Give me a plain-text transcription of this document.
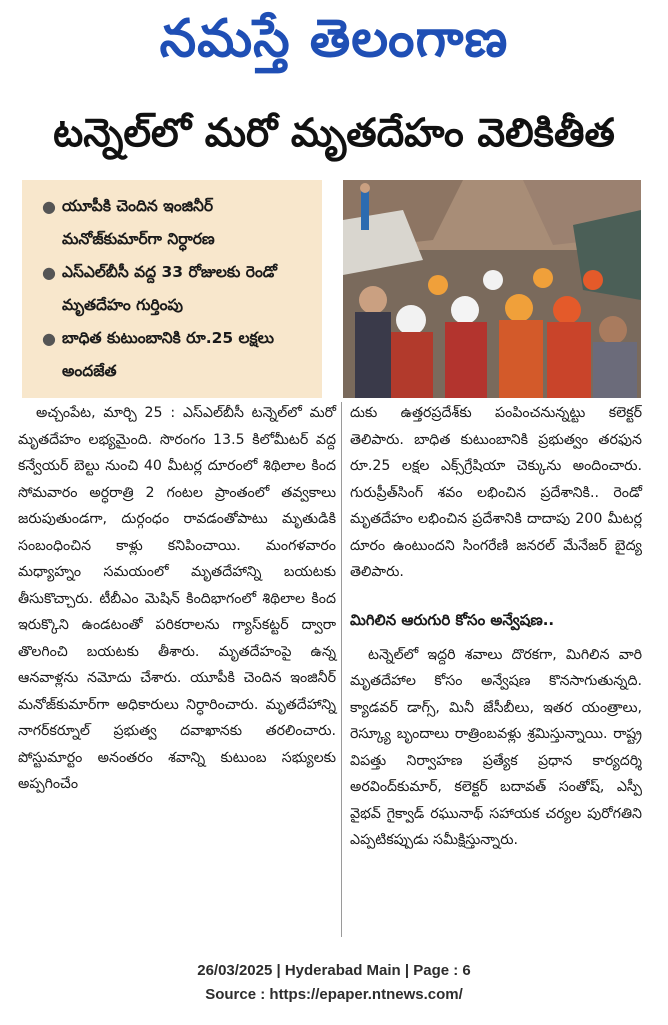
నమస్తే తెలంగాణ
టన్నెల్‌లో మరో మృతదేహం వెలికితీత
● యూపీకి చెందిన ఇంజినీర్ మనోజ్‌కుమార్‌గా నిర్ధారణ
● ఎస్‌ఎల్‌బీసీ వద్ద 33 రోజులకు రెండో మృతదేహం గుర్తింపు
● బాధిత కుటుంబానికి రూ.25 లక్షలు అందజేత

అచ్చంపేట, మార్చి 25 : ఎస్‌ఎల్‌బీసీ టన్నెల్‌లో మరో మృతదేహం లభ్యమైంది. సొరంగం 13.5 కిలోమీటర్ వద్ద కన్వేయర్ బెల్టు నుంచి 40 మీటర్ల దూరంలో శిథిలాల కింద సోమవారం అర్ధరాత్రి 2 గంటల ప్రాంతంలో తవ్వకాలు జరుపుతుండగా, దుర్గంధం రావడంతోపాటు మృతుడికి సంబంధించిన కాళ్లు కనిపించాయి. మంగళవారం మధ్యాహ్నం సమయంలో మృతదేహాన్ని బయటకు తీసుకొచ్చారు. టీబీఎం మెషిన్ కిందిభాగంలో శిథిలాల కింద ఇరుక్కొని ఉండటంతో పరికరాలను గ్యాస్‌కట్టర్ ద్వారా తొలగించి బయటకు తీశారు. మృతదేహంపై ఉన్న ఆనవాళ్లను నమోదు చేశారు. యూపీకి చెందిన ఇంజినీర్ మనోజ్‌కుమార్‌గా అధికారులు నిర్ధారించారు. మృతదేహాన్ని నాగర్‌కర్నూల్ ప్రభుత్వ దవాఖానకు తరలించారు. పోస్టుమార్టం అనంతరం శవాన్ని కుటుంబ సభ్యులకు అప్పగించేం

దుకు ఉత్తరప్రదేశ్‌కు పంపించనున్నట్టు కలెక్టర్ తెలిపారు. బాధిత కుటుంబానికి ప్రభుత్వం తరఫున రూ.25 లక్షల ఎక్స్‌గ్రేషియా చెక్కును అందించారు. గురుప్రీత్‌సింగ్ శవం లభించిన ప్రదేశానికి.. రెండో మృతదేహం లభించిన ప్రదేశానికి దాదాపు 200 మీటర్ల దూరం ఉంటుందని సింగరేణి జనరల్ మేనేజర్ బైద్య తెలిపారు.

మిగిలిన ఆరుగురి కోసం అన్వేషణ..

టన్నెల్‌లో ఇద్దరి శవాలు దొరకగా, మిగిలిన వారి మృతదేహాల కోసం అన్వేషణ కొనసాగుతున్నది. క్యాడవర్ డాగ్స్, మినీ జేసీబీలు, ఇతర యంత్రాలు, రెస్క్యూ బృందాలు రాత్రింబవళ్లు శ్రమిస్తున్నాయి. రాష్ట్ర విపత్తు నిర్వాహణ ప్రత్యేక ప్రధాన కార్యదర్శి అరవింద్‌కుమార్, కలెక్టర్ బదావత్ సంతోష్, ఎస్పీ వైభవ్ గైక్వాడ్ రఘునాథ్ సహాయక చర్యల పురోగతిని ఎప్పటికప్పుడు సమీక్షిస్తున్నారు.

26/03/2025 | Hyderabad Main | Page : 6
Source : https://epaper.ntnews.com/
